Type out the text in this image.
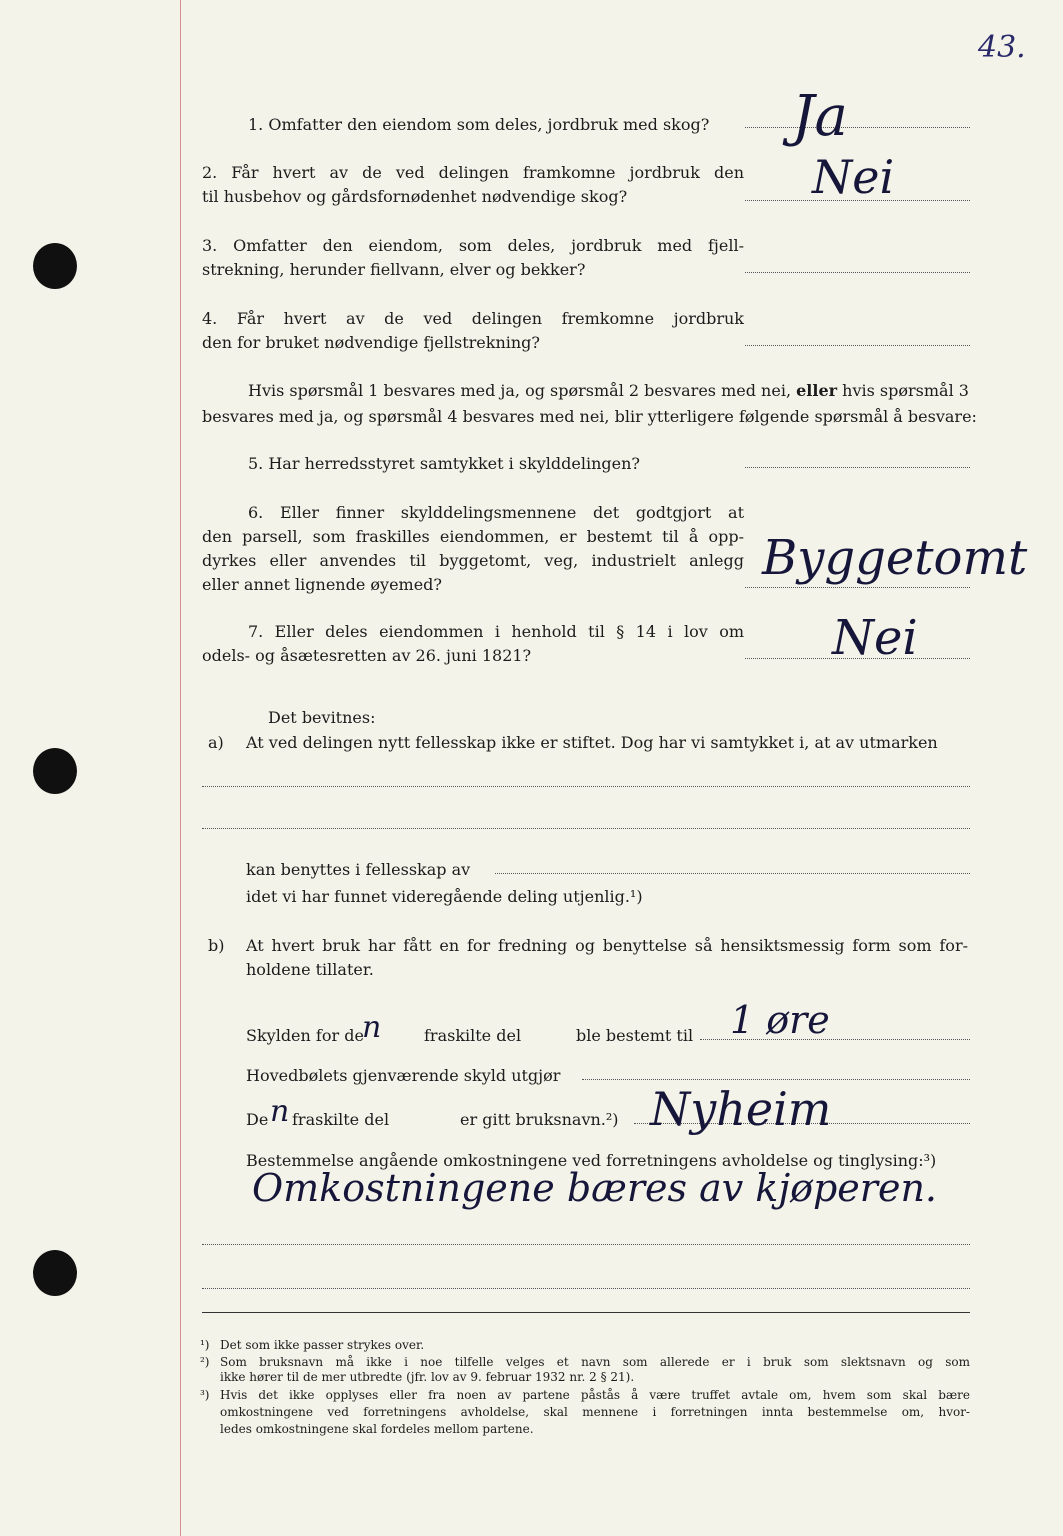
43.
1. Omfatter den eiendom som deles, jordbruk med skog? Ja
2. Får hvert av de ved delingen framkomne jordbruk den
til husbehov og gårdsfornødenhet nødvendige skog?	Nei
3. Omfatter den eiendom, som deles, jordbruk med fjell-
strekning, herunder fiellvann, elver og bekker?
4. Får hvert av de ved delingen fremkomne jordbruk
den for bruket nødvendige fjellstrekning?
Hvis spørsmål 1 besvares med ja, og spørsmål 2 besvares med nei, eller hvis spørsmål 3
besvares med ja, og spørsmål 4 besvares med nei, blir ytterligere følgende spørsmål å besvare:
5. Har herredsstyret samtykket i skylddelingen?
6. Eller finner skylddelingsmennene det godtgjort at
den parsell, som fraskilles eiendommen, er bestemt til å opp-
dyrkes eller anvendes til byggetomt, veg, industrielt anlegg
eller annet lignende øyemed?	Byggetomt
7. Eller deles eiendommen i henhold til § 14 i lov om
odels- og åsætesretten av 26. juni 1821?	Nei
Det bevitnes:
a) At ved delingen nytt fellesskap ikke er stiftet. Dog har vi samtykket i, at av utmarken
kan benyttes i fellesskap av
idet vi har funnet videregående deling utjenlig.¹)
b) At hvert bruk har fått en for fredning og benyttelse så hensiktsmessig form som for-
holdene tillater.
Skylden for de
n	fraskilte del	ble bestemt til 1 øre
Hovedbølets gjenværende skyld utgjør
De n fraskilte del	er gitt bruksnavn.²) Nyheim
Bestemmelse angående omkostningene ved forretningens avholdelse og tinglysing:³)
Omkostningene bæres av kjøperen.
¹) Det som ikke passer strykes over.
²) Som bruksnavn må ikke i noe tilfelle velges et navn som allerede er i bruk som slektsnavn og som
ikke hører til de mer utbredte (jfr. lov av 9. februar 1932 nr. 2 § 21).
³) Hvis det ikke opplyses eller fra noen av partene påstås å være truffet avtale om, hvem som skal bære
omkostningene ved forretningens avholdelse, skal mennene i forretningen innta bestemmelse om, hvor-
ledes omkostningene skal fordeles mellom partene.
